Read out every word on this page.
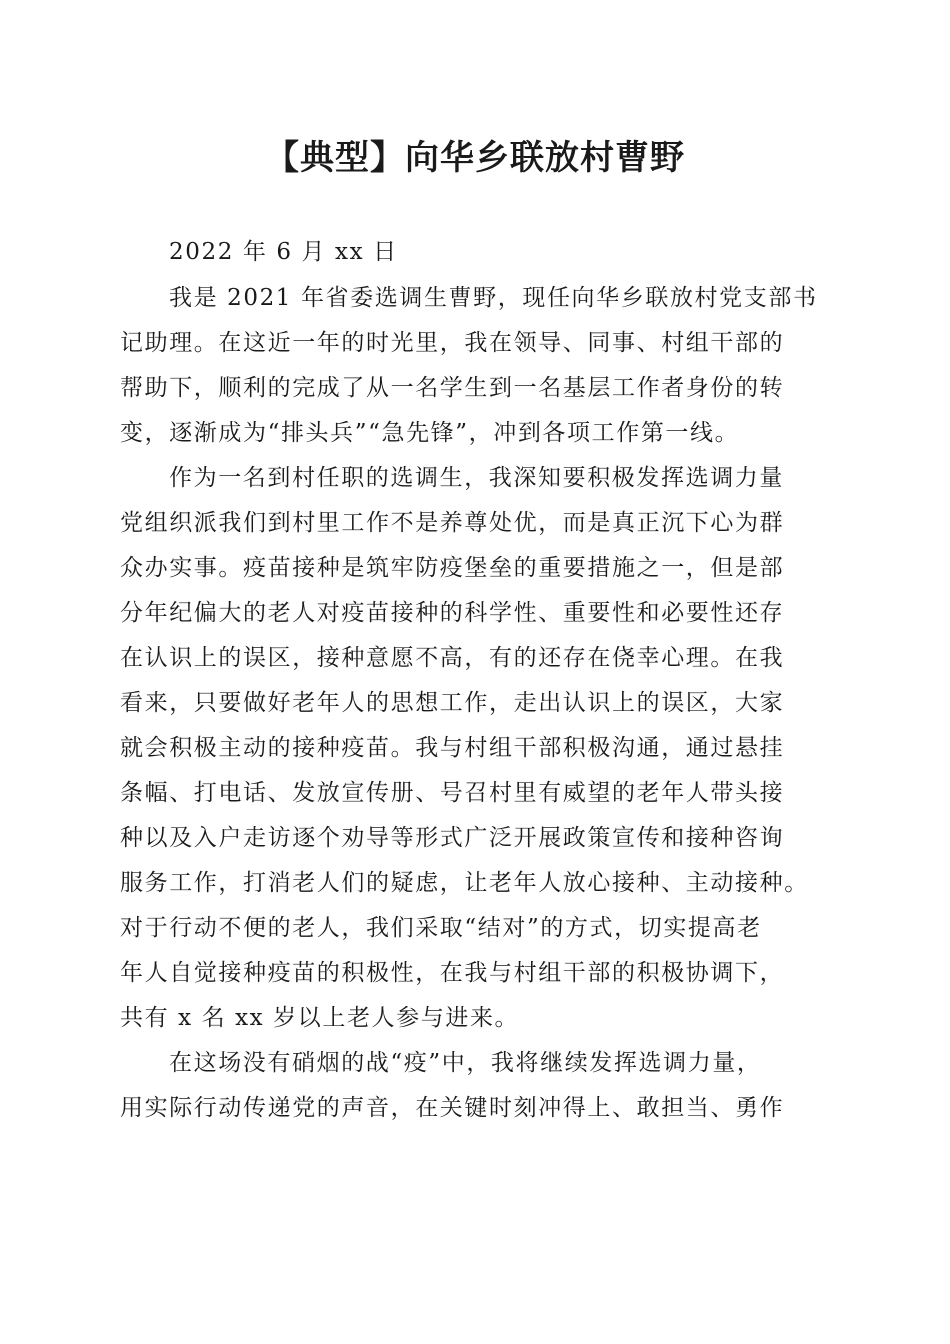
【典型】向华乡联放村曹野
2022 年 6 月 xx 日
我是 2021 年省委选调生曹野，现任向华乡联放村党支部书
记助理。在这近一年的时光里，我在领导、同事、村组干部的
帮助下，顺利的完成了从一名学生到一名基层工作者身份的转
变，逐渐成为“排头兵”“急先锋”，冲到各项工作第一线。
作为一名到村任职的选调生，我深知要积极发挥选调力量
党组织派我们到村里工作不是养尊处优，而是真正沉下心为群
众办实事。疫苗接种是筑牢防疫堡垒的重要措施之一，但是部
分年纪偏大的老人对疫苗接种的科学性、重要性和必要性还存
在认识上的误区，接种意愿不高，有的还存在侥幸心理。在我
看来，只要做好老年人的思想工作，走出认识上的误区，大家
就会积极主动的接种疫苗。我与村组干部积极沟通，通过悬挂
条幅、打电话、发放宣传册、号召村里有威望的老年人带头接
种以及入户走访逐个劝导等形式广泛开展政策宣传和接种咨询
服务工作，打消老人们的疑虑，让老年人放心接种、主动接种。
对于行动不便的老人，我们采取“结对”的方式，切实提高老
年人自觉接种疫苗的积极性，在我与村组干部的积极协调下，
共有 x 名 xx 岁以上老人参与进来。
在这场没有硝烟的战“疫”中，我将继续发挥选调力量，
用实际行动传递党的声音，在关键时刻冲得上、敢担当、勇作
